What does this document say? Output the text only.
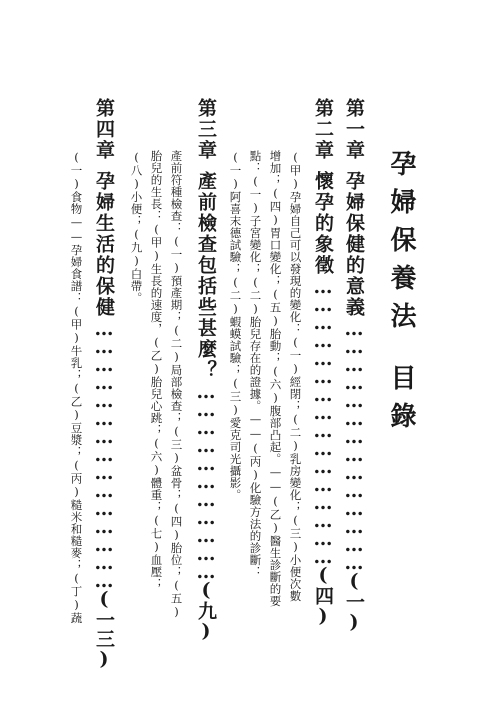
孕婦保養法目錄
第一章孕婦保健的意義……………………………………(一)
第二章懷孕的象徵…………………………………………(四)
(甲)孕婦自己可以發現的變化：(一)經閉；(二)乳房變化；(三)小便次數
增加；(四)胃口變化；(五)胎動；(六)腹部凸起。——(乙)醫生診斷的要
點：(一)子宮變化；(二)胎兒存在的證據。——(丙)化驗方法的診斷：
(一)阿喜末德試驗；(二)蝦蟆試驗；(三)愛克司光攝影。
第三章產前檢查包括些甚麼？……………………………(九)
產前符種檢查：(一)預產期；(二)局部檢查；(三)盆骨；(四)胎位；(五)
胎兒的生長：(甲)生長的速度，(乙)胎兒心跳；(六)體重；(七)血壓；
(八)小便；(九)白帶。
第四章孕婦生活的保健………………………………………(一三)
(一)食物——孕婦食譜：(甲)牛乳；(乙)豆漿；(丙)糙米和糙麥；(丁)蔬
